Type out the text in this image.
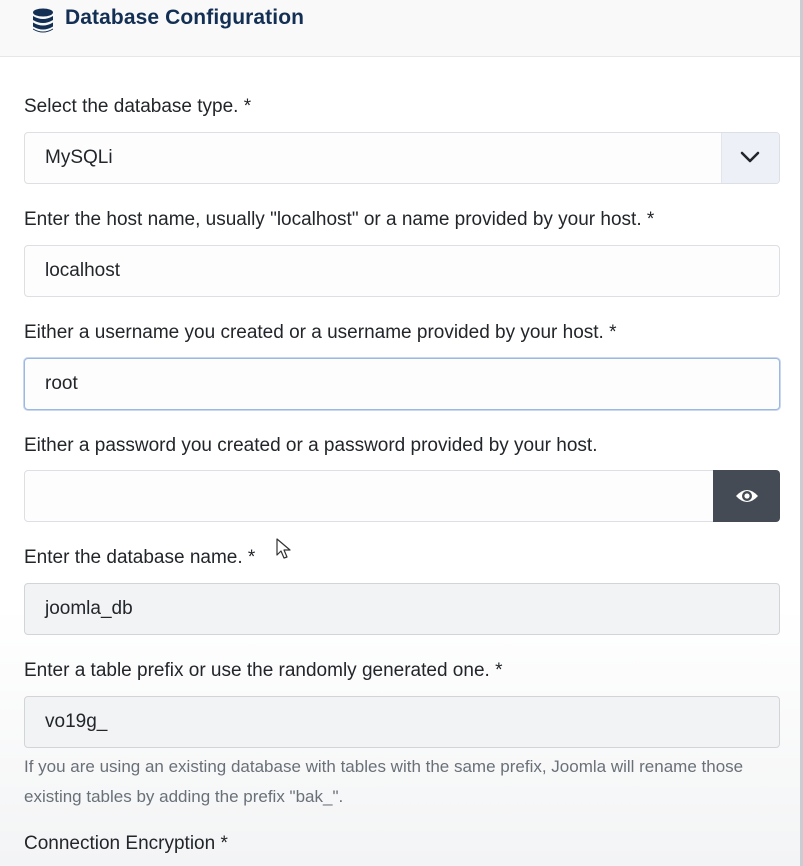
Database Configuration
Select the database type. *
MySQLi
Enter the host name, usually "localhost" or a name provided by your host. *
localhost
Either a username you created or a username provided by your host. *
root
Either a password you created or a password provided by your host.
Enter the database name. *
joomla_db
Enter a table prefix or use the randomly generated one. *
vo19g_
If you are using an existing database with tables with the same prefix, Joomla will rename those existing tables by adding the prefix "bak_".
Connection Encryption *
